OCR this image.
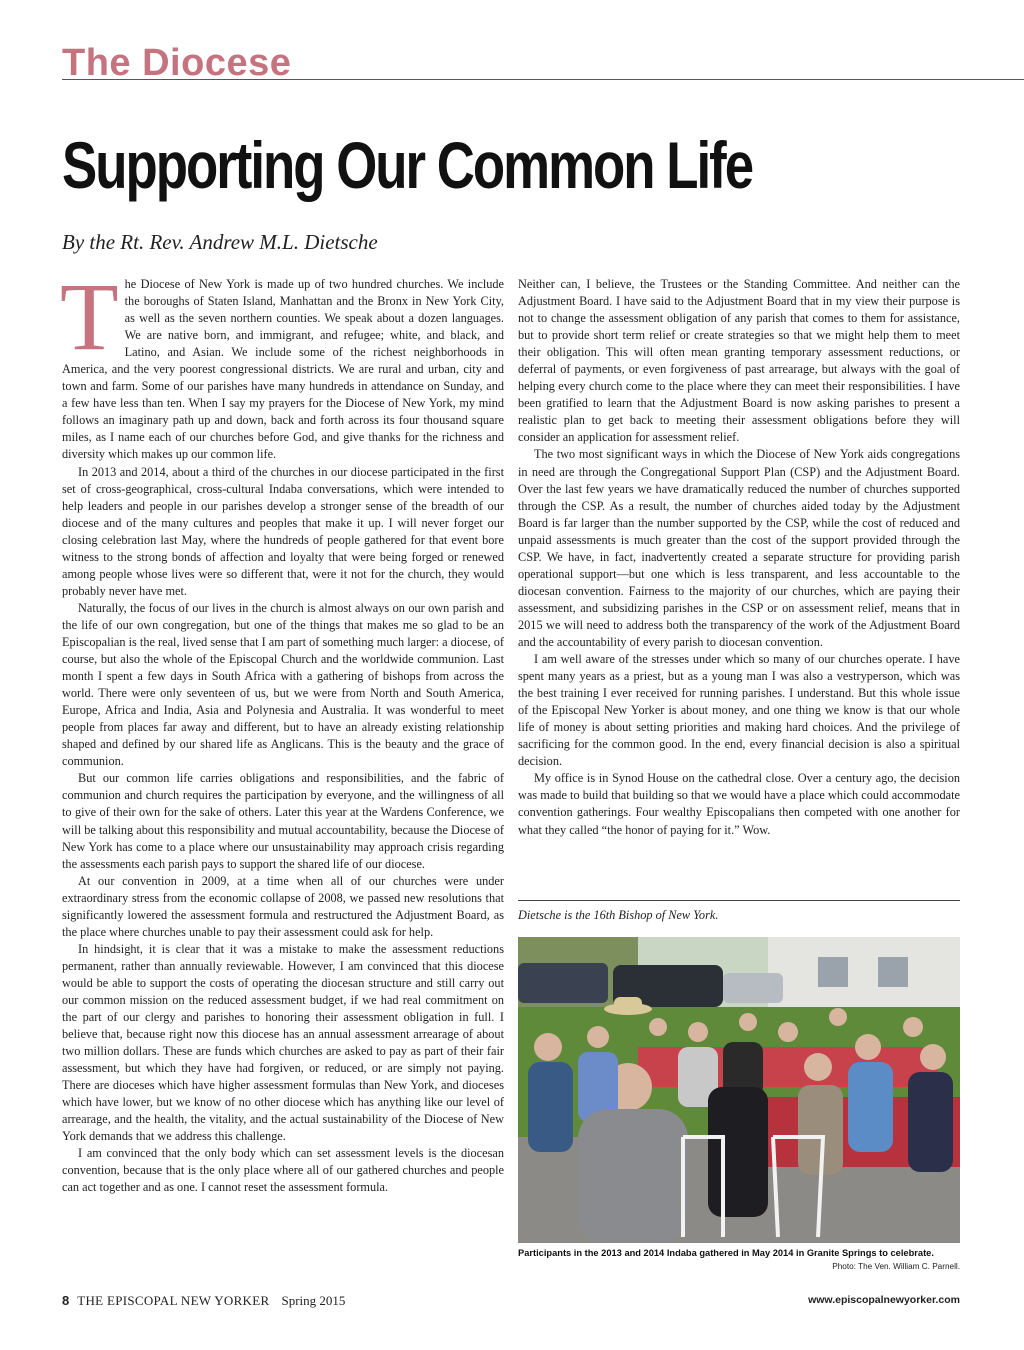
The Diocese
Supporting Our Common Life
By the Rt. Rev. Andrew M.L. Dietsche

The Diocese of New York is made up of two hundred churches. We include the boroughs of Staten Island, Manhattan and the Bronx in New York City, as well as the seven northern counties. We speak about a dozen languages. We are native born, and immigrant, and refugee; white, and black, and Latino, and Asian. We include some of the richest neighborhoods in America, and the very poorest congressional districts. We are rural and urban, city and town and farm. Some of our parishes have many hundreds in attendance on Sunday, and a few have less than ten. When I say my prayers for the Diocese of New York, my mind follows an imaginary path up and down, back and forth across its four thousand square miles, as I name each of our churches before God, and give thanks for the richness and diversity which makes up our common life.

In 2013 and 2014, about a third of the churches in our diocese participated in the first set of cross-geographical, cross-cultural Indaba conversations, which were intended to help leaders and people in our parishes develop a stronger sense of the breadth of our diocese and of the many cultures and peoples that make it up. I will never forget our closing celebration last May, where the hundreds of people gathered for that event bore witness to the strong bonds of affection and loyalty that were being forged or renewed among people whose lives were so different that, were it not for the church, they would probably never have met.

Naturally, the focus of our lives in the church is almost always on our own parish and the life of our own congregation, but one of the things that makes me so glad to be an Episcopalian is the real, lived sense that I am part of something much larger: a diocese, of course, but also the whole of the Episcopal Church and the worldwide communion. Last month I spent a few days in South Africa with a gathering of bishops from across the world. There were only seventeen of us, but we were from North and South America, Europe, Africa and India, Asia and Polynesia and Australia. It was wonderful to meet people from places far away and different, but to have an already existing relationship shaped and defined by our shared life as Anglicans. This is the beauty and the grace of communion.

But our common life carries obligations and responsibilities, and the fabric of communion and church requires the participation by everyone, and the willingness of all to give of their own for the sake of others. Later this year at the Wardens Conference, we will be talking about this responsibility and mutual accountability, because the Diocese of New York has come to a place where our unsustainability may approach crisis regarding the assessments each parish pays to support the shared life of our diocese.

At our convention in 2009, at a time when all of our churches were under extraordinary stress from the economic collapse of 2008, we passed new resolutions that significantly lowered the assessment formula and restructured the Adjustment Board, as the place where churches unable to pay their assessment could ask for help.

In hindsight, it is clear that it was a mistake to make the assessment reductions permanent, rather than annually reviewable. However, I am convinced that this diocese would be able to support the costs of operating the diocesan structure and still carry out our common mission on the reduced assessment budget, if we had real commitment on the part of our clergy and parishes to honoring their assessment obligation in full. I believe that, because right now this diocese has an annual assessment arrearage of about two million dollars. These are funds which churches are asked to pay as part of their fair assessment, but which they have had forgiven, or reduced, or are simply not paying. There are dioceses which have higher assessment formulas than New York, and dioceses which have lower, but we know of no other diocese which has anything like our level of arrearage, and the health, the vitality, and the actual sustainability of the Diocese of New York demands that we address this challenge.

I am convinced that the only body which can set assessment levels is the diocesan convention, because that is the only place where all of our gathered churches and people can act together and as one. I cannot reset the assessment formula.

Neither can, I believe, the Trustees or the Standing Committee. And neither can the Adjustment Board. I have said to the Adjustment Board that in my view their purpose is not to change the assessment obligation of any parish that comes to them for assistance, but to provide short term relief or create strategies so that we might help them to meet their obligation. This will often mean granting temporary assessment reductions, or deferral of payments, or even forgiveness of past arrearage, but always with the goal of helping every church come to the place where they can meet their responsibilities. I have been gratified to learn that the Adjustment Board is now asking parishes to present a realistic plan to get back to meeting their assessment obligations before they will consider an application for assessment relief.

The two most significant ways in which the Diocese of New York aids congregations in need are through the Congregational Support Plan (CSP) and the Adjustment Board. Over the last few years we have dramatically reduced the number of churches supported through the CSP. As a result, the number of churches aided today by the Adjustment Board is far larger than the number supported by the CSP, while the cost of reduced and unpaid assessments is much greater than the cost of the support provided through the CSP. We have, in fact, inadvertently created a separate structure for providing parish operational support—but one which is less transparent, and less accountable to the diocesan convention. Fairness to the majority of our churches, which are paying their assessment, and subsidizing parishes in the CSP or on assessment relief, means that in 2015 we will need to address both the transparency of the work of the Adjustment Board and the accountability of every parish to diocesan convention.

I am well aware of the stresses under which so many of our churches operate. I have spent many years as a priest, but as a young man I was also a vestryperson, which was the best training I ever received for running parishes. I understand. But this whole issue of the Episcopal New Yorker is about money, and one thing we know is that our whole life of money is about setting priorities and making hard choices. And the privilege of sacrificing for the common good. In the end, every financial decision is also a spiritual decision.

My office is in Synod House on the cathedral close. Over a century ago, the decision was made to build that building so that we would have a place which could accommodate convention gatherings. Four wealthy Episcopalians then competed with one another for what they called “the honor of paying for it.” Wow.

Dietsche is the 16th Bishop of New York.
Participants in the 2013 and 2014 Indaba gathered in May 2014 in Granite Springs to celebrate.
Photo: The Ven. William C. Parnell.
8 THE EPISCOPAL NEW YORKER Spring 2015	www.episcopalnewyorker.com
